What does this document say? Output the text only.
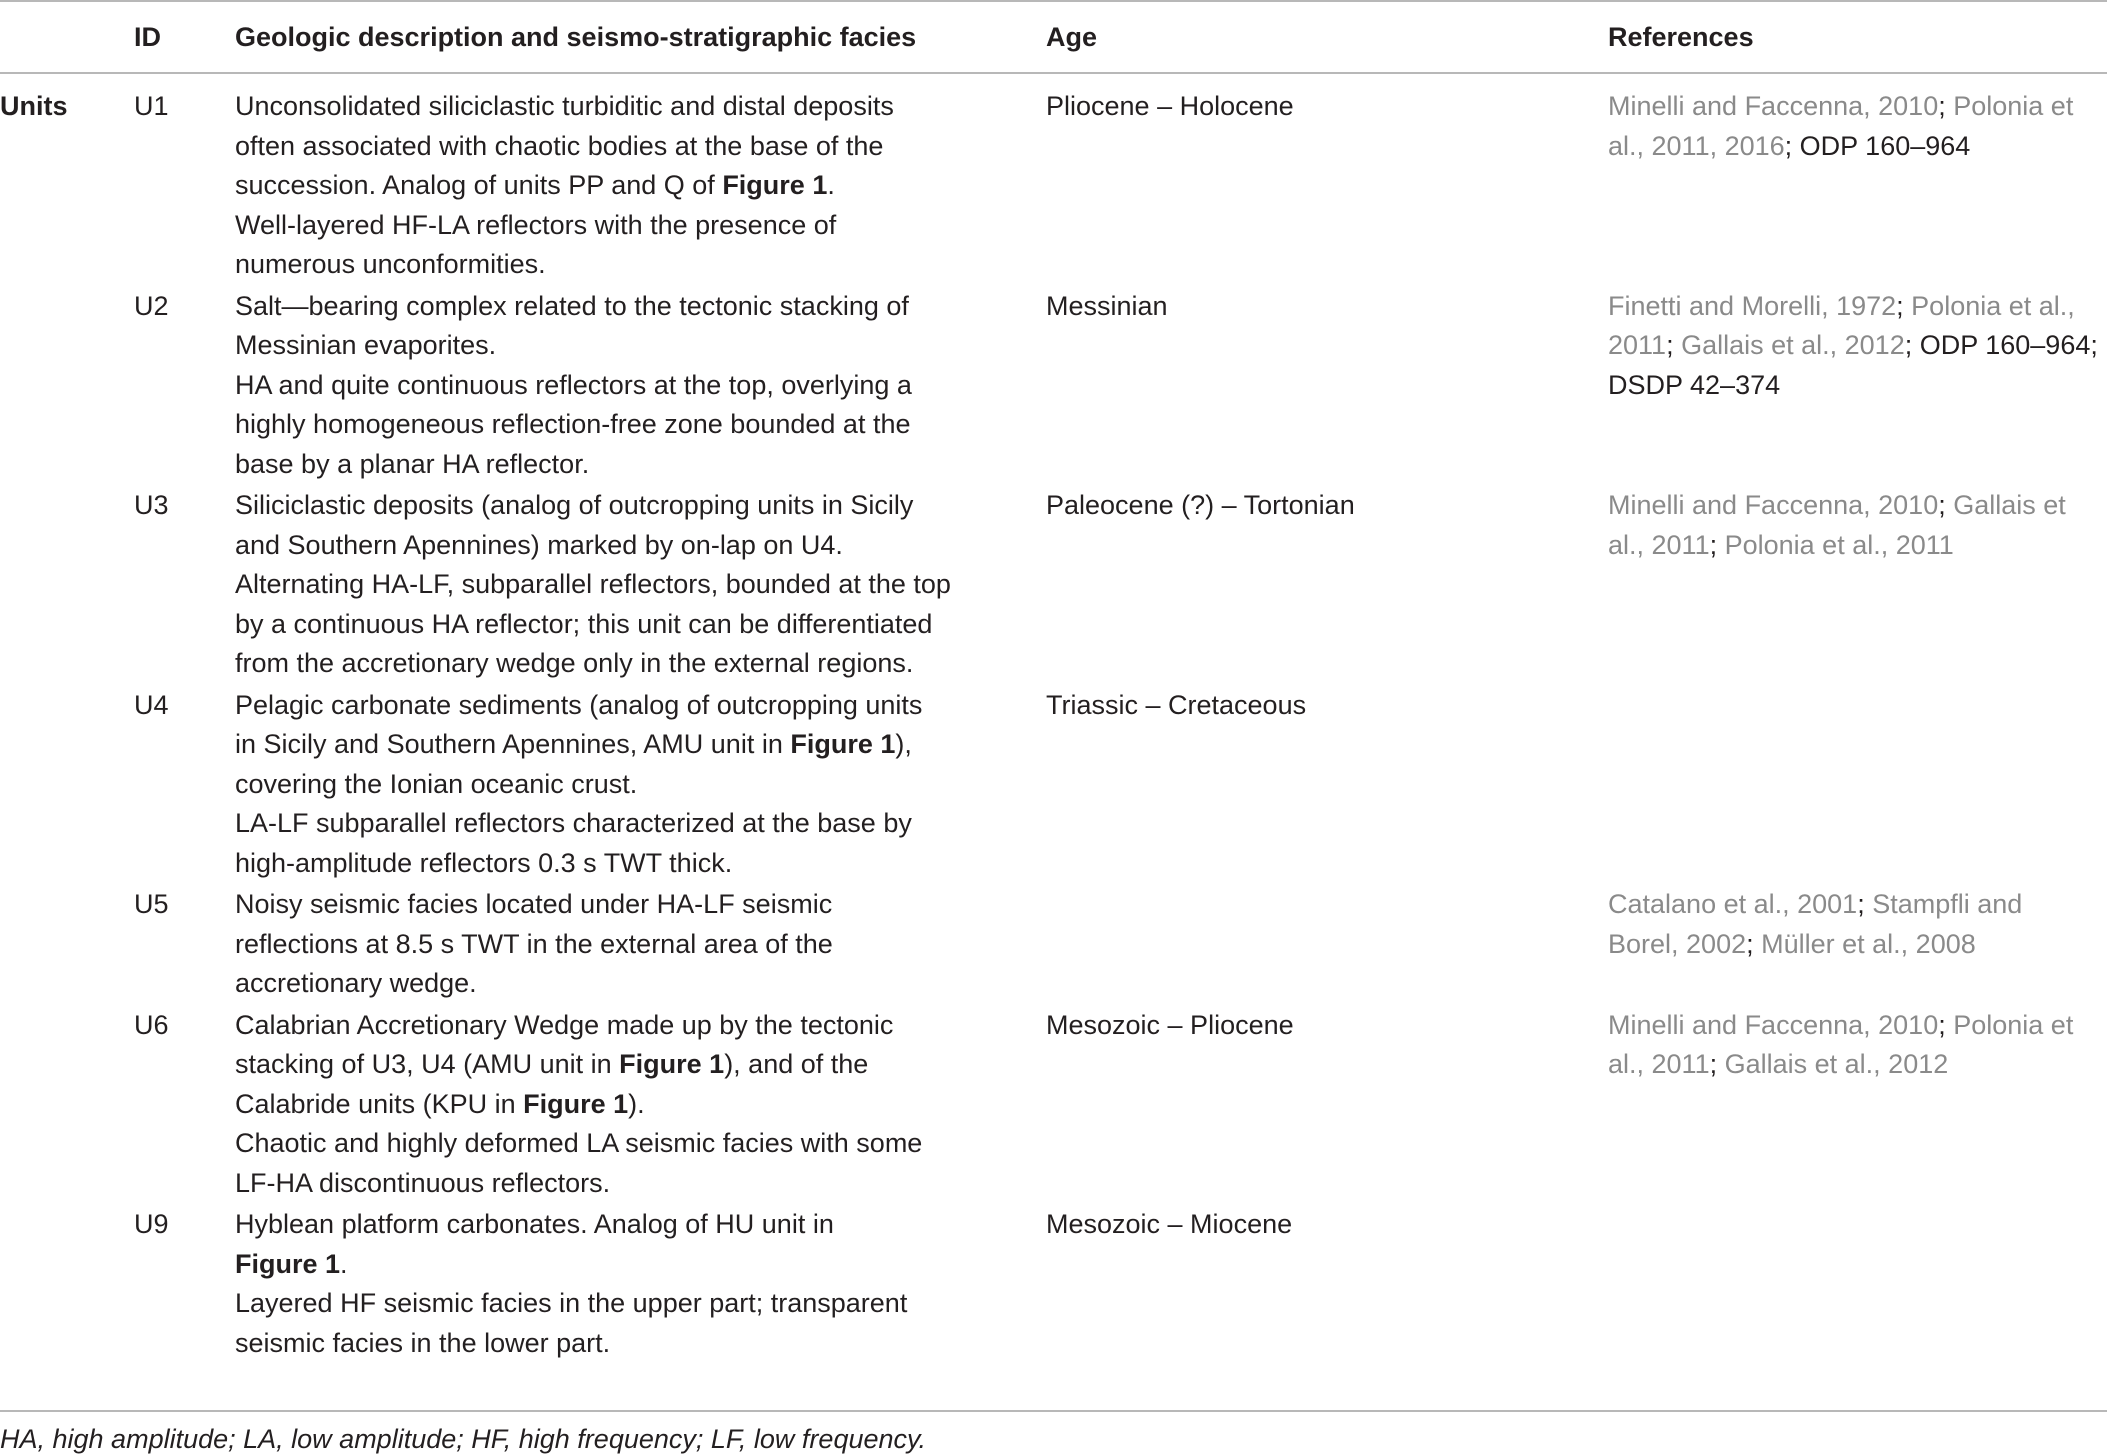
	ID	Geologic description and seismo-stratigraphic facies	Age	References
Units	U1	Unconsolidated siliciclastic turbiditic and distal deposits
often associated with chaotic bodies at the base of the
succession. Analog of units PP and Q of Figure 1.
Well-layered HF-LA reflectors with the presence of
numerous unconformities.	Pliocene – Holocene	Minelli and Faccenna, 2010; Polonia et al., 2011, 2016; ODP 160–964

	U2	Salt—bearing complex related to the tectonic stacking of
Messinian evaporites.
HA and quite continuous reflectors at the top, overlying a
highly homogeneous reflection-free zone bounded at the
base by a planar HA reflector.	Messinian	Finetti and Morelli, 1972; Polonia et al., 2011; Gallais et al., 2012; ODP 160–964; DSDP 42–374

	U3	Siliciclastic deposits (analog of outcropping units in Sicily
and Southern Apennines) marked by on-lap on U4.
Alternating HA-LF, subparallel reflectors, bounded at the top
by a continuous HA reflector; this unit can be differentiated
from the accretionary wedge only in the external regions.	Paleocene (?) – Tortonian	Minelli and Faccenna, 2010; Gallais et al., 2011; Polonia et al., 2011

	U4	Pelagic carbonate sediments (analog of outcropping units
in Sicily and Southern Apennines, AMU unit in Figure 1),
covering the Ionian oceanic crust.
LA-LF subparallel reflectors characterized at the base by
high-amplitude reflectors 0.3 s TWT thick.	Triassic – Cretaceous	

	U5	Noisy seismic facies located under HA-LF seismic
reflections at 8.5 s TWT in the external area of the
accretionary wedge.		Catalano et al., 2001; Stampfli and Borel, 2002; Müller et al., 2008

	U6	Calabrian Accretionary Wedge made up by the tectonic
stacking of U3, U4 (AMU unit in Figure 1), and of the
Calabride units (KPU in Figure 1).
Chaotic and highly deformed LA seismic facies with some
LF-HA discontinuous reflectors.	Mesozoic – Pliocene	Minelli and Faccenna, 2010; Polonia et al., 2011; Gallais et al., 2012

	U9	Hyblean platform carbonates. Analog of HU unit in
Figure 1.
Layered HF seismic facies in the upper part; transparent
seismic facies in the lower part.	Mesozoic – Miocene	
HA, high amplitude; LA, low amplitude; HF, high frequency; LF, low frequency.
